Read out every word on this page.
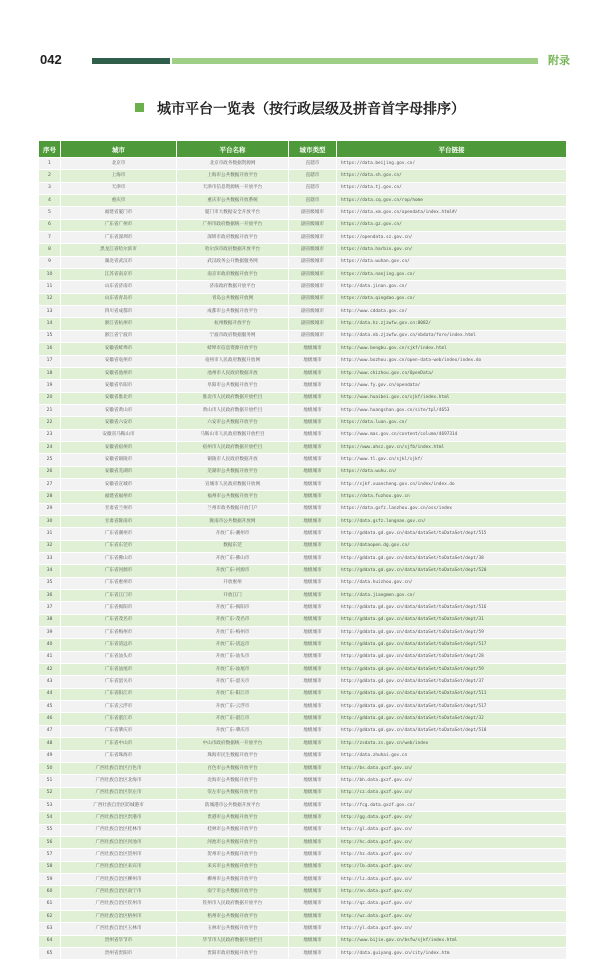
042	附录
城市平台一览表（按行政层级及拼音首字母排序）
序号	城市	平台名称	城市类型	平台链接
1	北京市	北京市政务数据资源网	直辖市	https://data.beijing.gov.cn/
2	上海市	上海市公共数据开放平台	直辖市	https://data.sh.gov.cn/
3	天津市	天津市信息资源统一开放平台	直辖市	https://data.tj.gov.cn/
4	重庆市	重庆市公共数据开放系统	直辖市	https://data.cq.gov.cn/rop/home
5	福建省厦门市	厦门市大数据安全开放平台	副省级城市	https://data.xm.gov.cn/opendata/index.html#/
6	广东省广州市	广州市政府数据统一开放平台	副省级城市	https://data.gz.gov.cn/
7	广东省深圳市	深圳市政府数据开放平台	副省级城市	https://opendata.sz.gov.cn/
8	黑龙江省哈尔滨市	哈尔滨市政府数据开放平台	副省级城市	https://data.harbin.gov.cn/
9	湖北省武汉市	武汉政务公开数据服务网	副省级城市	https://data.wuhan.gov.cn/
10	江苏省南京市	南京市政府数据开放平台	副省级城市	https://data.nanjing.gov.cn/
11	山东省济南市	济南政府数据开放平台	副省级城市	http://data.jinan.gov.cn/
12	山东省青岛市	青岛公共数据开放网	副省级城市	https://data.qingdao.gov.cn/
13	四川省成都市	成都市公共数据开放平台	副省级城市	http://www.cddata.gov.cn/
14	浙江省杭州市	杭州数据开放平台	副省级城市	http://data.hz.zjzwfw.gov.cn:8082/
15	浙江省宁波市	宁波市政府数据服务网	副省级城市	http://data.nb.zjzwfw.gov.cn/nbdata/fore/index.html
16	安徽省蚌埠市	蚌埠市信息资源开放平台	地级城市	http://www.bengbu.gov.cn/sjkf/index.html
17	安徽省亳州市	亳州市人民政府数据开放网	地级城市	http://www.bozhou.gov.cn/open-data-web/index/index.do
18	安徽省池州市	池州市人民政府数据开放	地级城市	http://www.chizhou.gov.cn/OpenData/
19	安徽省阜阳市	阜阳市公共数据开放平台	地级城市	http://www.fy.gov.cn/opendata/
20	安徽省淮北市	淮北市人民政府数据开放栏目	地级城市	http://www.huaibei.gov.cn/sjkf/index.html
21	安徽省黄山市	黄山市人民政府数据开放栏目	地级城市	http://www.huangshan.gov.cn/site/tpl/4653
22	安徽省六安市	六安市公共数据开放平台	地级城市	https://data.luan.gov.cn/
23	安徽省马鞍山市	马鞍山市人民政府数据开放栏目	地级城市	http://www.mas.gov.cn/content/column/4697314
24	安徽省宿州市	宿州市人民政府数据开放栏目	地级城市	https://www.ahsz.gov.cn/sjfb/index.html
25	安徽省铜陵市	铜陵市人民政府数据开放	地级城市	http://www.tl.gov.cn/sjkl/sjkf/
26	安徽省芜湖市	芜湖市公共数据开放平台	地级城市	https://data.wuhu.cn/
27	安徽省宣城市	宣城市人民政府数据开放网	地级城市	http://sjkf.xuancheng.gov.cn/index/index.do
28	福建省福州市	福州市公共数据开放平台	地级城市	https://data.fuzhou.gov.cn
29	甘肃省兰州市	兰州市政务数据开放门户	地级城市	https://data.gsfz.lanzhou.gov.cn/oss/index
30	甘肃省陇南市	陇南市公共数据开放网	地级城市	http://data.gsfz.longnan.gov.cn/
31	广东省潮州市	开放广东-潮州市	地级城市	http://gddata.gd.gov.cn/data/dataSet/toDataSet/dept/515
32	广东省东莞市	数据东莞	地级城市	http://dataopen.dg.gov.cn/
33	广东省佛山市	开放广东-佛山市	地级城市	http://gddata.gd.gov.cn/data/dataSet/toDataSet/dept/38
34	广东省河源市	开放广东-河源市	地级城市	http://gddata.gd.gov.cn/data/dataSet/toDataSet/dept/520
35	广东省惠州市	开放惠州	地级城市	http://data.huizhou.gov.cn/
36	广东省江门市	开放江门	地级城市	http://data.jiangmen.gov.cn/
37	广东省揭阳市	开放广东-揭阳市	地级城市	http://gddata.gd.gov.cn/data/dataSet/toDataSet/dept/516
38	广东省茂名市	开放广东-茂名市	地级城市	http://gddata.gd.gov.cn/data/dataSet/toDataSet/dept/31
39	广东省梅州市	开放广东-梅州市	地级城市	http://gddata.gd.gov.cn/data/dataSet/toDataSet/dept/59
40	广东省清远市	开放广东-清远市	地级城市	http://gddata.gd.gov.cn/data/dataSet/toDataSet/dept/517
41	广东省汕头市	开放广东-汕头市	地级城市	http://gddata.gd.gov.cn/data/dataSet/toDataSet/dept/28
42	广东省汕尾市	开放广东-汕尾市	地级城市	http://gddata.gd.gov.cn/data/dataSet/toDataSet/dept/59
43	广东省韶关市	开放广东-韶关市	地级城市	http://gddata.gd.gov.cn/data/dataSet/toDataSet/dept/37
44	广东省阳江市	开放广东-阳江市	地级城市	http://gddata.gd.gov.cn/data/dataSet/toDataSet/dept/511
45	广东省云浮市	开放广东-云浮市	地级城市	http://gddata.gd.gov.cn/data/dataSet/toDataSet/dept/517
46	广东省湛江市	开放广东-湛江市	地级城市	http://gddata.gd.gov.cn/data/dataSet/toDataSet/dept/32
47	广东省肇庆市	开放广东-肇庆市	地级城市	http://gddata.gd.gov.cn/data/dataSet/toDataSet/dept/518
48	广东省中山市	中山市政府数据统一开放平台	地级城市	http://zsdata.zs.gov.cn/web/index
49	广东省珠海市	珠海市民生数据开放平台	地级城市	http://data.zhuhai.gov.cn
50	广西壮族自治区百色市	百色市公共数据开放平台	地级城市	http://bs.data.gxzf.gov.cn/
51	广西壮族自治区北海市	北海市公共数据开放平台	地级城市	http://bh.data.gxzf.gov.cn/
52	广西壮族自治区崇左市	崇左市公共数据开放平台	地级城市	http://cz.data.gxzf.gov.cn/
53	广西壮族自治区防城港市	防城港市公共数据开放平台	地级城市	http://fcg.data.gxzf.gov.cn/
54	广西壮族自治区贵港市	贵港市公共数据开放平台	地级城市	http://gg.data.gxzf.gov.cn/
55	广西壮族自治区桂林市	桂林市公共数据开放平台	地级城市	http://gl.data.gxzf.gov.cn/
56	广西壮族自治区河池市	河池市公共数据开放平台	地级城市	http://hc.data.gxzf.gov.cn/
57	广西壮族自治区贺州市	贺州市公共数据开放平台	地级城市	http://hz.data.gxzf.gov.cn/
58	广西壮族自治区来宾市	来宾市公共数据开放平台	地级城市	http://lb.data.gxzf.gov.cn/
59	广西壮族自治区柳州市	柳州市公共数据开放平台	地级城市	http://lz.data.gxzf.gov.cn/
60	广西壮族自治区南宁市	南宁市公共数据开放平台	地级城市	http://nn.data.gxzf.gov.cn/
61	广西壮族自治区钦州市	钦州市人民政府数据开放平台	地级城市	http://qz.data.gxzf.gov.cn/
62	广西壮族自治区梧州市	梧州市公共数据开放平台	地级城市	http://wz.data.gxzf.gov.cn/
63	广西壮族自治区玉林市	玉林市公共数据开放平台	地级城市	http://yl.data.gxzf.gov.cn/
64	贵州省毕节市	毕节市人民政府数据开放栏目	地级城市	http://www.bijie.gov.cn/bsfw/sjkf/index.html
65	贵州省贵阳市	贵阳市政府数据开放平台	地级城市	http://data.guiyang.gov.cn/city/index.htm
